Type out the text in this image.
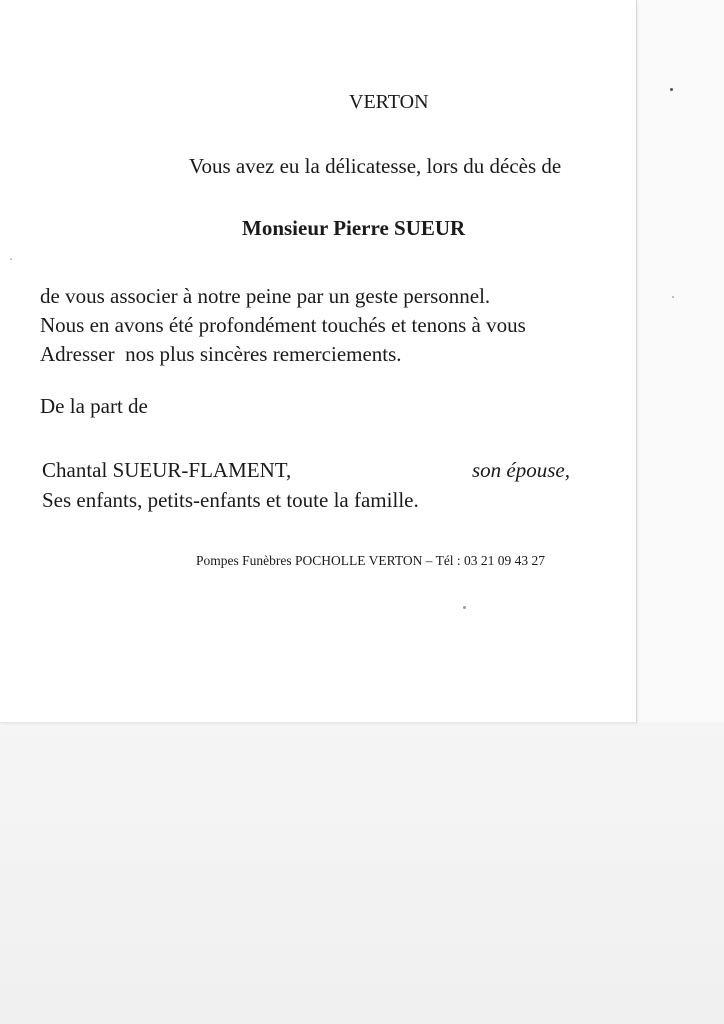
VERTON
Vous avez eu la délicatesse, lors du décès de
Monsieur Pierre SUEUR
de vous associer à notre peine par un geste personnel.
Nous en avons été profondément touchés et tenons à vous
Adresser  nos plus sincères remerciements.
De la part de
Chantal SUEUR-FLAMENT,	son épouse,
Ses enfants, petits-enfants et toute la famille.
Pompes Funèbres POCHOLLE VERTON – Tél : 03 21 09 43 27
